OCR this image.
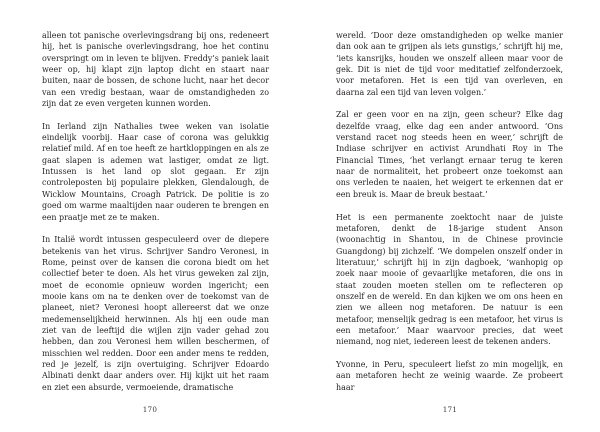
alleen tot panische overlevingsdrang bij ons, redeneert hij, het is panische overlevingsdrang, hoe het continu overspringt om in leven te blijven. Freddy’s paniek laait weer op, hij klapt zijn laptop dicht en staart naar buiten, naar de bossen, de schone lucht, naar het decor van een vredig bestaan, waar de omstandigheden zo zijn dat ze even vergeten kunnen worden.

In Ierland zijn Nathalies twee weken van isolatie eindelijk voorbij. Haar case of corona was gelukkig relatief mild. Af en toe heeft ze hartkloppingen en als ze gaat slapen is ademen wat lastiger, omdat ze ligt. Intussen is het land op slot gegaan. Er zijn controleposten bij populaire plekken, Glendalough, de Wicklow Mountains, Croagh Patrick. De politie is zo goed om warme maaltijden naar ouderen te brengen en een praatje met ze te maken.

In Italië wordt intussen gespeculeerd over de diepere betekenis van het virus. Schrijver Sandro Veronesi, in Rome, peinst over de kansen die corona biedt om het collectief beter te doen. Als het virus geweken zal zijn, moet de economie opnieuw worden ingericht; een mooie kans om na te denken over de toekomst van de planeet, niet? Veronesi hoopt allereerst dat we onze medemenselijkheid herwinnen. Als hij een oude man ziet van de leeftijd die wijlen zijn vader gehad zou hebben, dan zou Veronesi hem willen beschermen, of misschien wel redden. Door een ander mens te redden, red je jezelf, is zijn overtuiging. Schrijver Edoardo Albinati denkt daar anders over. Hij kijkt uit het raam en ziet een absurde, vermoeiende, dramatische

170

wereld. ‘Door deze omstandigheden op welke manier dan ook aan te grijpen als iets gunstigs,’ schrijft hij me, ‘iets kansrijks, houden we onszelf alleen maar voor de gek. Dit is niet de tijd voor meditatief zelfonderzoek, voor metaforen. Het is een tijd van overleven, en daarna zal een tijd van leven volgen.’

Zal er geen voor en na zijn, geen scheur? Elke dag dezelfde vraag, elke dag een ander antwoord. ‘Ons verstand racet nog steeds heen en weer,’ schrijft de Indiase schrijver en activist Arundhati Roy in The Financial Times, ‘het verlangt ernaar terug te keren naar de normaliteit, het probeert onze toekomst aan ons verleden te naaien, het weigert te erkennen dat er een breuk is. Maar de breuk bestaat.’

Het is een permanente zoektocht naar de juiste metaforen, denkt de 18-jarige student Anson (woonachtig in Shantou, in de Chinese provincie Guangdong) bij zichzelf. ‘We dompelen onszelf onder in literatuur,’ schrijft hij in zijn dagboek, ‘wanhopig op zoek naar mooie of gevaarlijke metaforen, die ons in staat zouden moeten stellen om te reflecteren op onszelf en de wereld. En dan kijken we om ons heen en zien we alleen nog metaforen. De natuur is een metafoor, menselijk gedrag is een metafoor, het virus is een metafoor.’ Maar waarvoor precies, dat weet niemand, nog niet, iedereen leest de tekenen anders.

Yvonne, in Peru, speculeert liefst zo min mogelijk, en aan metaforen hecht ze weinig waarde. Ze probeert haar

171
